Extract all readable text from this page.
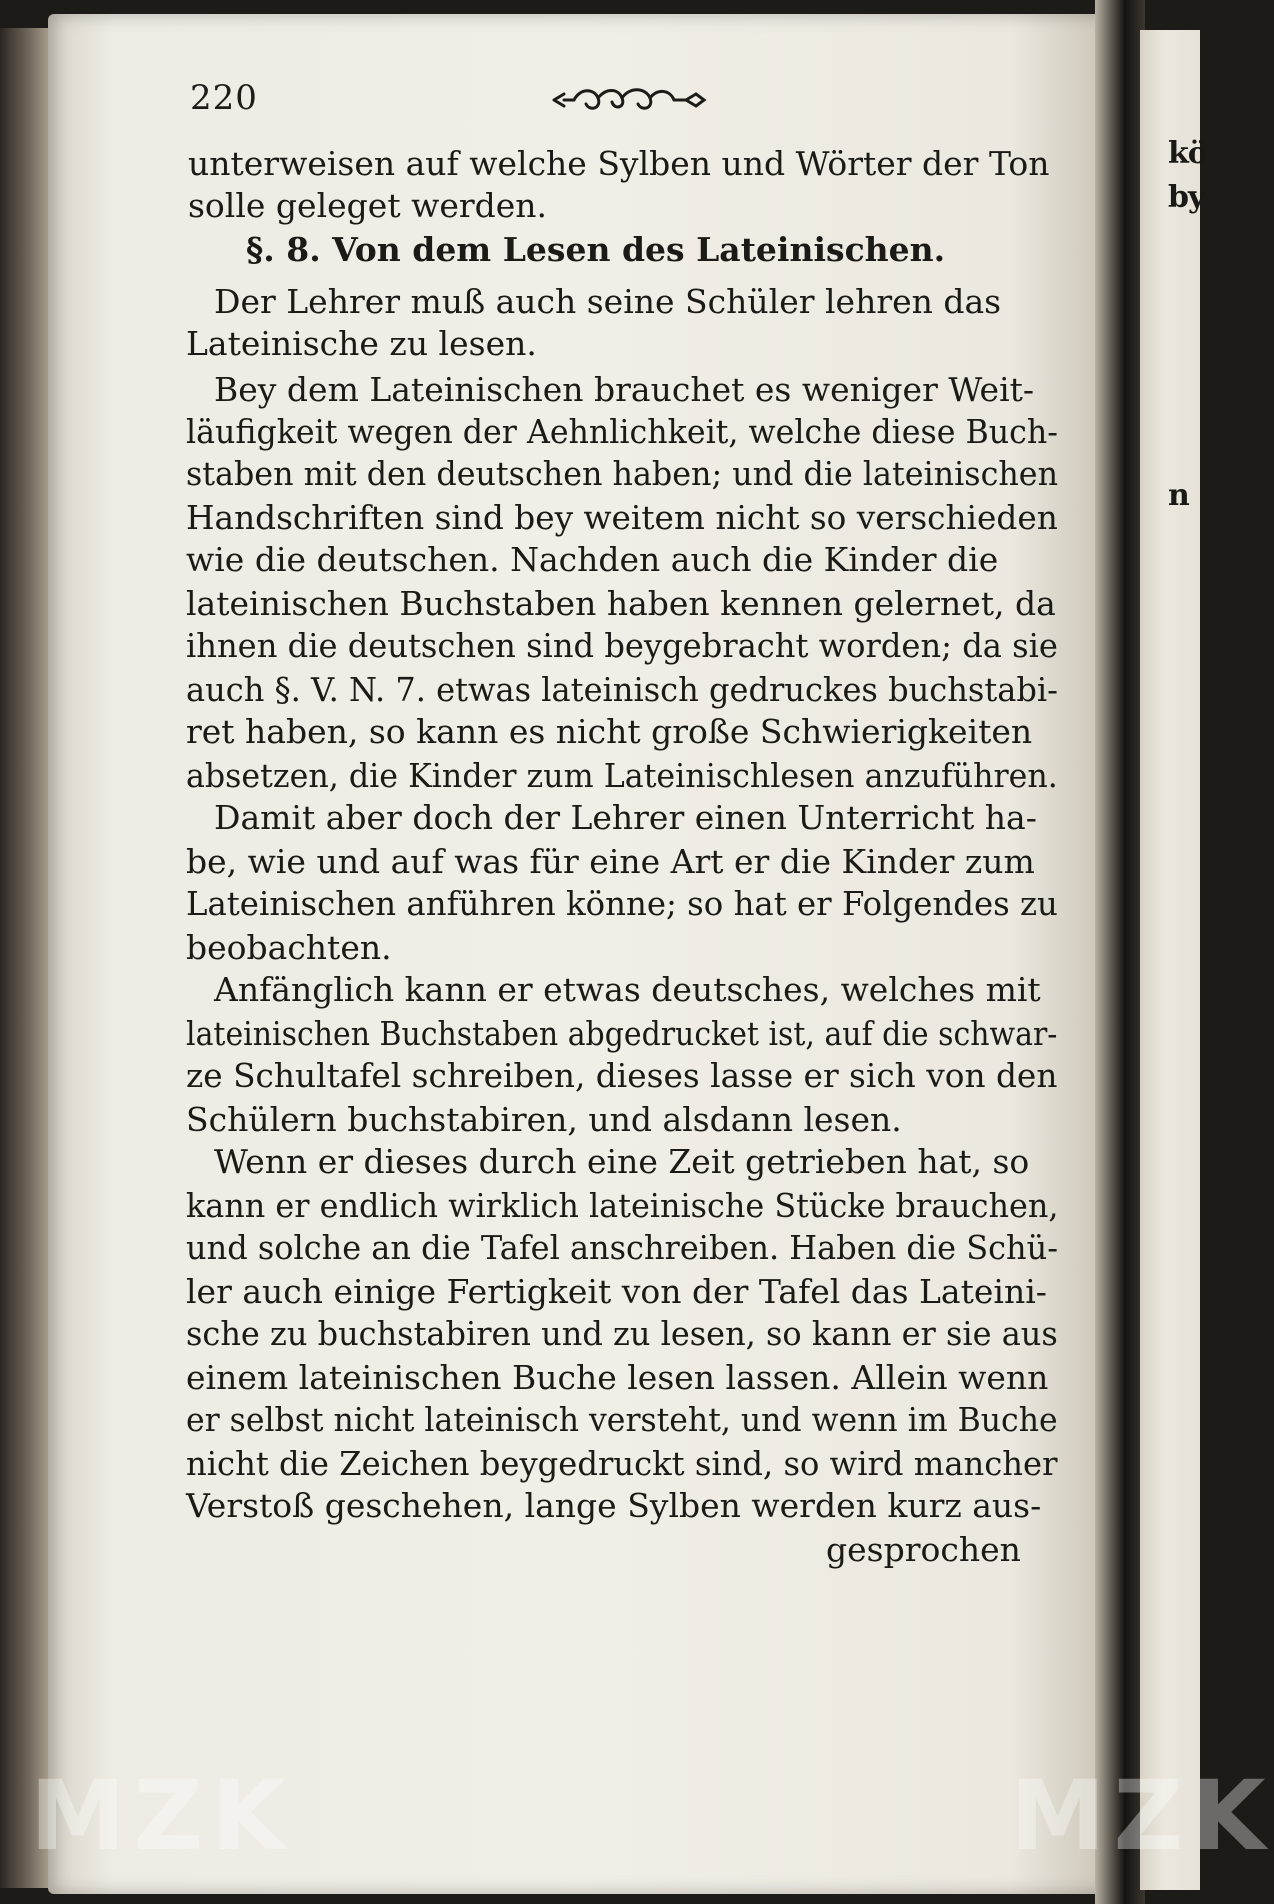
kö
by
n
220
unterweisen auf welche Sylben und Wörter der Ton
solle geleget werden.
§. 8. Von dem Lesen des Lateinischen.
Der Lehrer muß auch seine Schüler lehren das
Lateinische zu lesen.
Bey dem Lateinischen brauchet es weniger Weit-
läufigkeit wegen der Aehnlichkeit, welche diese Buch-
staben mit den deutschen haben; und die lateinischen
Handschriften sind bey weitem nicht so verschieden
wie die deutschen. Nachden auch die Kinder die
lateinischen Buchstaben haben kennen gelernet, da
ihnen die deutschen sind beygebracht worden; da sie
auch §. V. N. 7. etwas lateinisch gedruckes buchstabi-
ret haben, so kann es nicht große Schwierigkeiten
absetzen, die Kinder zum Lateinischlesen anzuführen.
Damit aber doch der Lehrer einen Unterricht ha-
be, wie und auf was für eine Art er die Kinder zum
Lateinischen anführen könne; so hat er Folgendes zu
beobachten.
Anfänglich kann er etwas deutsches, welches mit
lateinischen Buchstaben abgedrucket ist, auf die schwar-
ze Schultafel schreiben, dieses lasse er sich von den
Schülern buchstabiren, und alsdann lesen.
Wenn er dieses durch eine Zeit getrieben hat, so
kann er endlich wirklich lateinische Stücke brauchen,
und solche an die Tafel anschreiben. Haben die Schü-
ler auch einige Fertigkeit von der Tafel das Lateini-
sche zu buchstabiren und zu lesen, so kann er sie aus
einem lateinischen Buche lesen lassen. Allein wenn
er selbst nicht lateinisch versteht, und wenn im Buche
nicht die Zeichen beygedruckt sind, so wird mancher
Verstoß geschehen, lange Sylben werden kurz aus-
gesprochen
MZK	MZK
